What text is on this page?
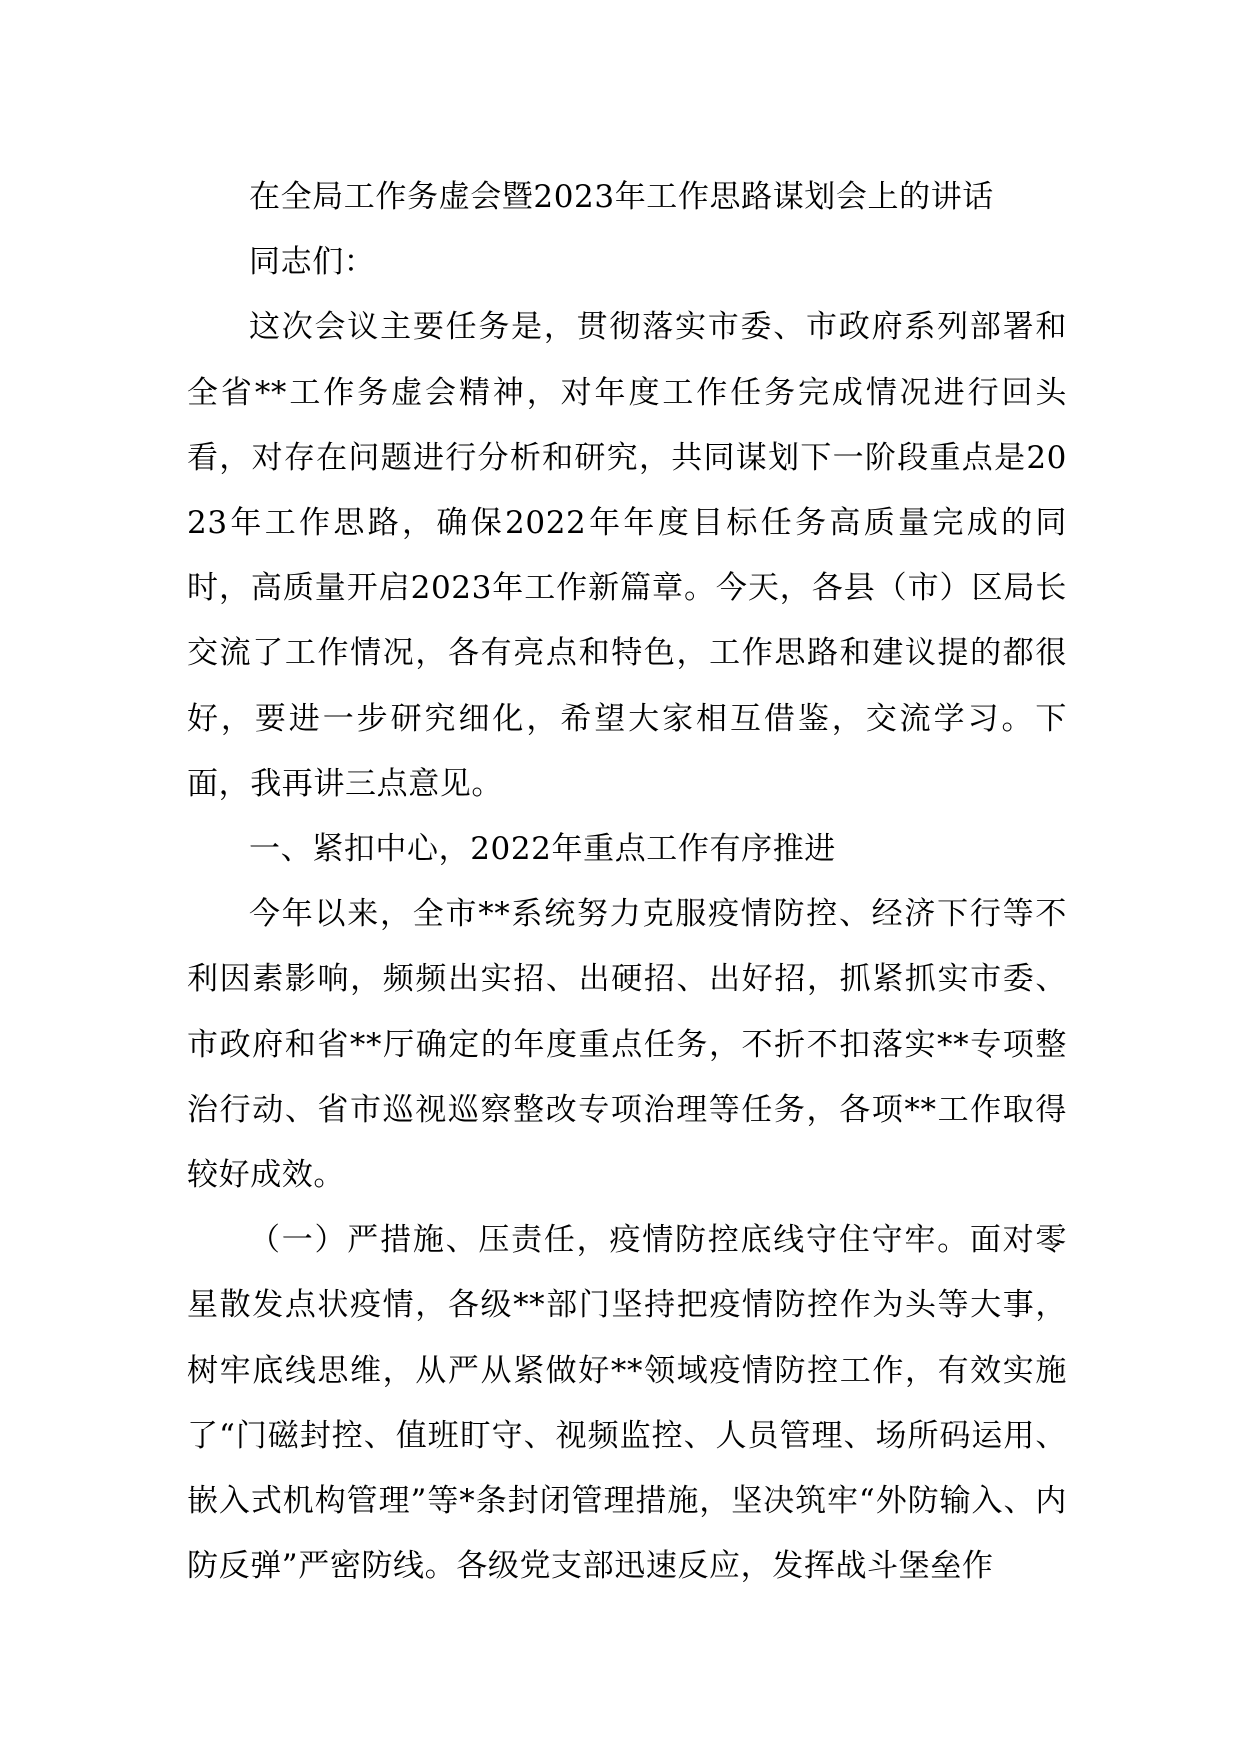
在全局工作务虚会暨2023年工作思路谋划会上的讲话

同志们：

这次会议主要任务是，贯彻落实市委、市政府系列部署和全省**工作务虚会精神，对年度工作任务完成情况进行回头看，对存在问题进行分析和研究，共同谋划下一阶段重点是2023年工作思路，确保2022年年度目标任务高质量完成的同时，高质量开启2023年工作新篇章。今天，各县（市）区局长交流了工作情况，各有亮点和特色，工作思路和建议提的都很好，要进一步研究细化，希望大家相互借鉴，交流学习。下面，我再讲三点意见。

一、紧扣中心，2022年重点工作有序推进

今年以来，全市**系统努力克服疫情防控、经济下行等不利因素影响，频频出实招、出硬招、出好招，抓紧抓实市委、市政府和省**厅确定的年度重点任务，不折不扣落实**专项整治行动、省市巡视巡察整改专项治理等任务，各项**工作取得较好成效。

（一）严措施、压责任，疫情防控底线守住守牢。面对零星散发点状疫情，各级**部门坚持把疫情防控作为头等大事，树牢底线思维，从严从紧做好**领域疫情防控工作，有效实施了“门磁封控、值班盯守、视频监控、人员管理、场所码运用、嵌入式机构管理”等*条封闭管理措施，坚决筑牢“外防输入、内防反弹”严密防线。各级党支部迅速反应，发挥战斗堡垒作
